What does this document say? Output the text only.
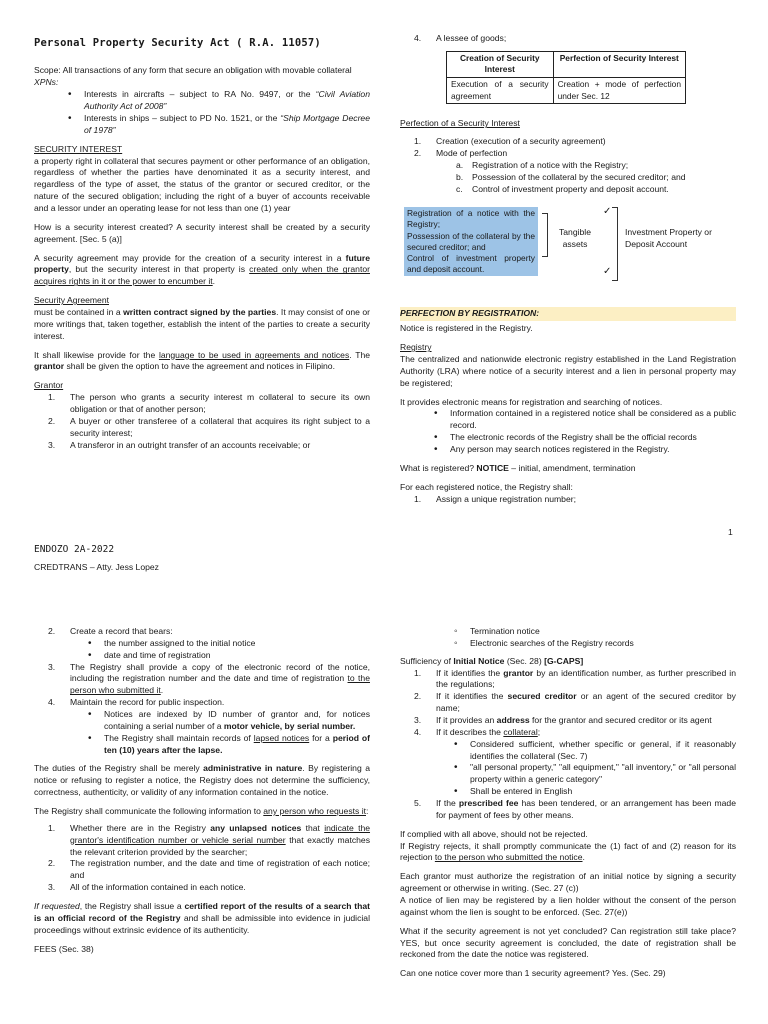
Personal Property Security Act ( R.A. 11057)

Scope: All transactions of any form that secure an obligation with movable collateral

XPNs:
• Interests in aircrafts – subject to RA No. 9497, or the “Civil Aviation Authority Act of 2008”
• Interests in ships – subject to PD No. 1521, or the “Ship Mortgage Decree of 1978”
SECURITY INTEREST

a property right in collateral that secures payment or other performance of an obligation, regardless of whether the parties have denominated it as a security interest, and regardless of the type of asset, the status of the grantor or secured creditor, or the nature of the secured obligation; including the right of a buyer of accounts receivable and a lessor under an operating lease for not less than one (1) year

How is a security interest created? A security interest shall be created by a security agreement. [Sec. 5 (a)]

A security agreement may provide for the creation of a security interest in a future property, but the security interest in that property is created only when the grantor acquires rights in it or the power to encumber it.

Security Agreement

must be contained in a written contract signed by the parties. It may consist of one or more writings that, taken together, establish the intent of the parties to create a security interest.

It shall likewise provide for the language to be used in agreements and notices. The grantor shall be given the option to have the agreement and notices in Filipino.

Grantor
1. The person who grants a security interest m collateral to secure its own obligation or that of another person;
2. A buyer or other transferee of a collateral that acquires its right subject to a security interest;
3. A transferor in an outright transfer of an accounts receivable; or
4. A lessee of goods;
Creation of Security Interest	Perfection of Security Interest
Execution of a security agreement	Creation + mode of perfection under Sec. 12
Perfection of a Security Interest
1. Creation (execution of a security agreement)
2. Mode of perfection
a. Registration of a notice with the Registry;
b. Possession of the collateral by the secured creditor; and
c. Control of investment property and deposit account.
Registration of a notice with the Registry;
Possession of the collateral by the secured creditor; and
Control of investment property and deposit account.
Tangible assets
✓
✓
Investment Property or Deposit Account
PERFECTION BY REGISTRATION:

Notice is registered in the Registry.

Registry

The centralized and nationwide electronic registry established in the Land Registration Authority (LRA) where notice of a security interest and a lien in personal property may be registered;

It provides electronic means for registration and searching of notices.

• Information contained in a registered notice shall be considered as a public record.
• The electronic records of the Registry shall be the official records
• Any person may search notices registered in the Registry.

What is registered? NOTICE – initial, amendment, termination

For each registered notice, the Registry shall:

1. Assign a unique registration number;
1
ENDOZO 2A-2022
CREDTRANS – Atty. Jess Lopez
2. Create a record that bears:
• the number assigned to the initial notice
• date and time of registration
3. The Registry shall provide a copy of the electronic record of the notice, including the registration number and the date and time of registration to the person who submitted it.
4. Maintain the record for public inspection.
• Notices are indexed by ID number of grantor and, for notices containing a serial number of a motor vehicle, by serial number.
• The Registry shall maintain records of lapsed notices for a period of ten (10) years after the lapse.

The duties of the Registry shall be merely administrative in nature. By registering a notice or refusing to register a notice, the Registry does not determine the sufficiency, correctness, authenticity, or validity of any information contained in the notice.

The Registry shall communicate the following information to any person who requests it:

1. Whether there are in the Registry any unlapsed notices that indicate the grantor's identification number or vehicle serial number that exactly matches the relevant criterion provided by the searcher;
2. The registration number, and the date and time of registration of each notice; and
3. All of the information contained in each notice.

If requested, the Registry shall issue a certified report of the results of a search that is an official record of the Registry and shall be admissible into evidence in judicial proceedings without extrinsic evidence of its authenticity.

FEES (Sec. 38)
◦ Termination notice
◦ Electronic searches of the Registry records
Sufficiency of Initial Notice (Sec. 28) [G-CAPS]
1. If it identifies the grantor by an identification number, as further prescribed in the regulations;
2. If it identifies the secured creditor or an agent of the secured creditor by name;
3. If it provides an address for the grantor and secured creditor or its agent
4. If it describes the collateral;
• Considered sufficient, whether specific or general, if it reasonably identifies the collateral (Sec. 7)
• "all personal property," "all equipment," "all inventory," or "all personal property within a generic category"
• Shall be entered in English
5. If the prescribed fee has been tendered, or an arrangement has been made for payment of fees by other means.

If complied with all above, should not be rejected.

If Registry rejects, it shall promptly communicate the (1) fact of and (2) reason for its rejection to the person who submitted the notice.

Each grantor must authorize the registration of an initial notice by signing a security agreement or otherwise in writing. (Sec. 27 (c))

A notice of lien may be registered by a lien holder without the consent of the person against whom the lien is sought to be enforced. (Sec. 27(e))

What if the security agreement is not yet concluded? Can registration still take place? YES, but once security agreement is concluded, the date of registration shall be reckoned from the date the notice was registered.

Can one notice cover more than 1 security agreement? Yes. (Sec. 29)
